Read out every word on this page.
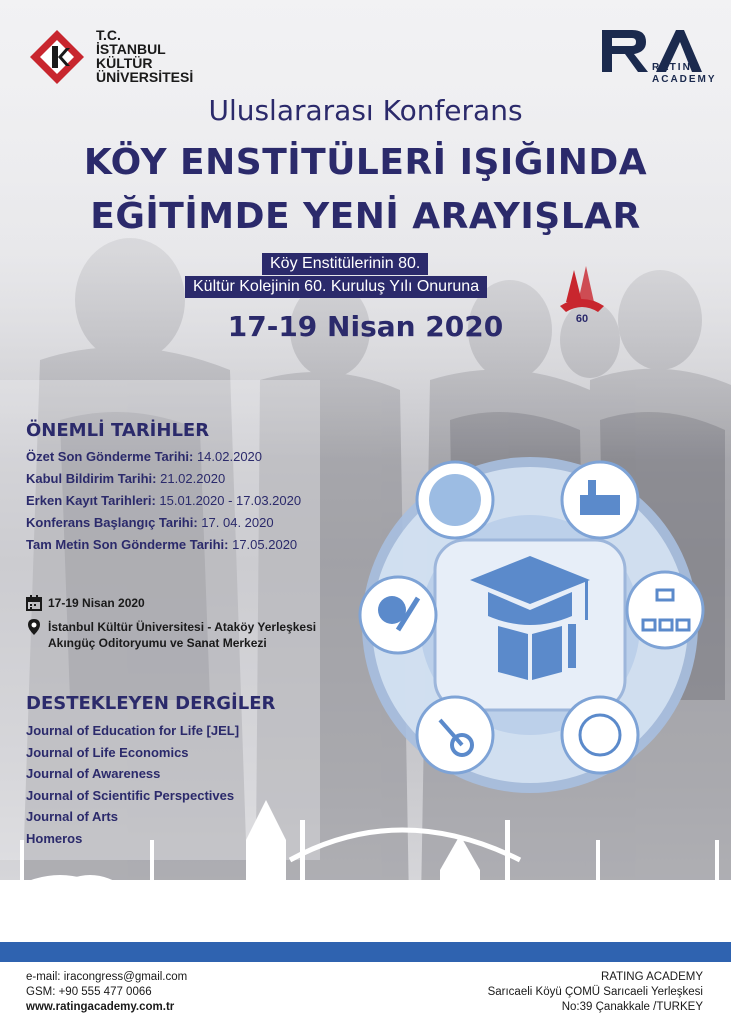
T.C.
İSTANBUL
KÜLTÜR
ÜNİVERSİTESİ
RATING
ACADEMY
Uluslararası Konferans
KÖY ENSTİTÜLERİ IŞIĞINDA
EĞİTİMDE YENİ ARAYIŞLAR
Köy Enstitülerinin 80.
Kültür Kolejinin 60. Kuruluş Yılı Onuruna
60
17-19 Nisan 2020
ÖNEMLİ TARİHLER
Özet Son Gönderme Tarihi: 14.02.2020
Kabul Bildirim Tarihi: 21.02.2020
Erken Kayıt Tarihleri: 15.01.2020 - 17.03.2020
Konferans Başlangıç Tarihi: 17. 04. 2020
Tam Metin Son Gönderme Tarihi: 17.05.2020
17-19 Nisan 2020
İstanbul Kültür Üniversitesi - Ataköy Yerleşkesi
Akıngüç Oditoryumu ve Sanat Merkezi
DESTEKLEYEN DERGİLER
Journal of Education for Life [JEL]
Journal of Life Economics
Journal of Awareness
Journal of Scientific Perspectives
Journal of Arts
Homeros
e-mail: iracongress@gmail.com
GSM: +90 555 477 0066
www.ratingacademy.com.tr
RATING ACADEMY
Sarıcaeli Köyü ÇOMÜ Sarıcaeli Yerleşkesi
No:39 Çanakkale /TURKEY
